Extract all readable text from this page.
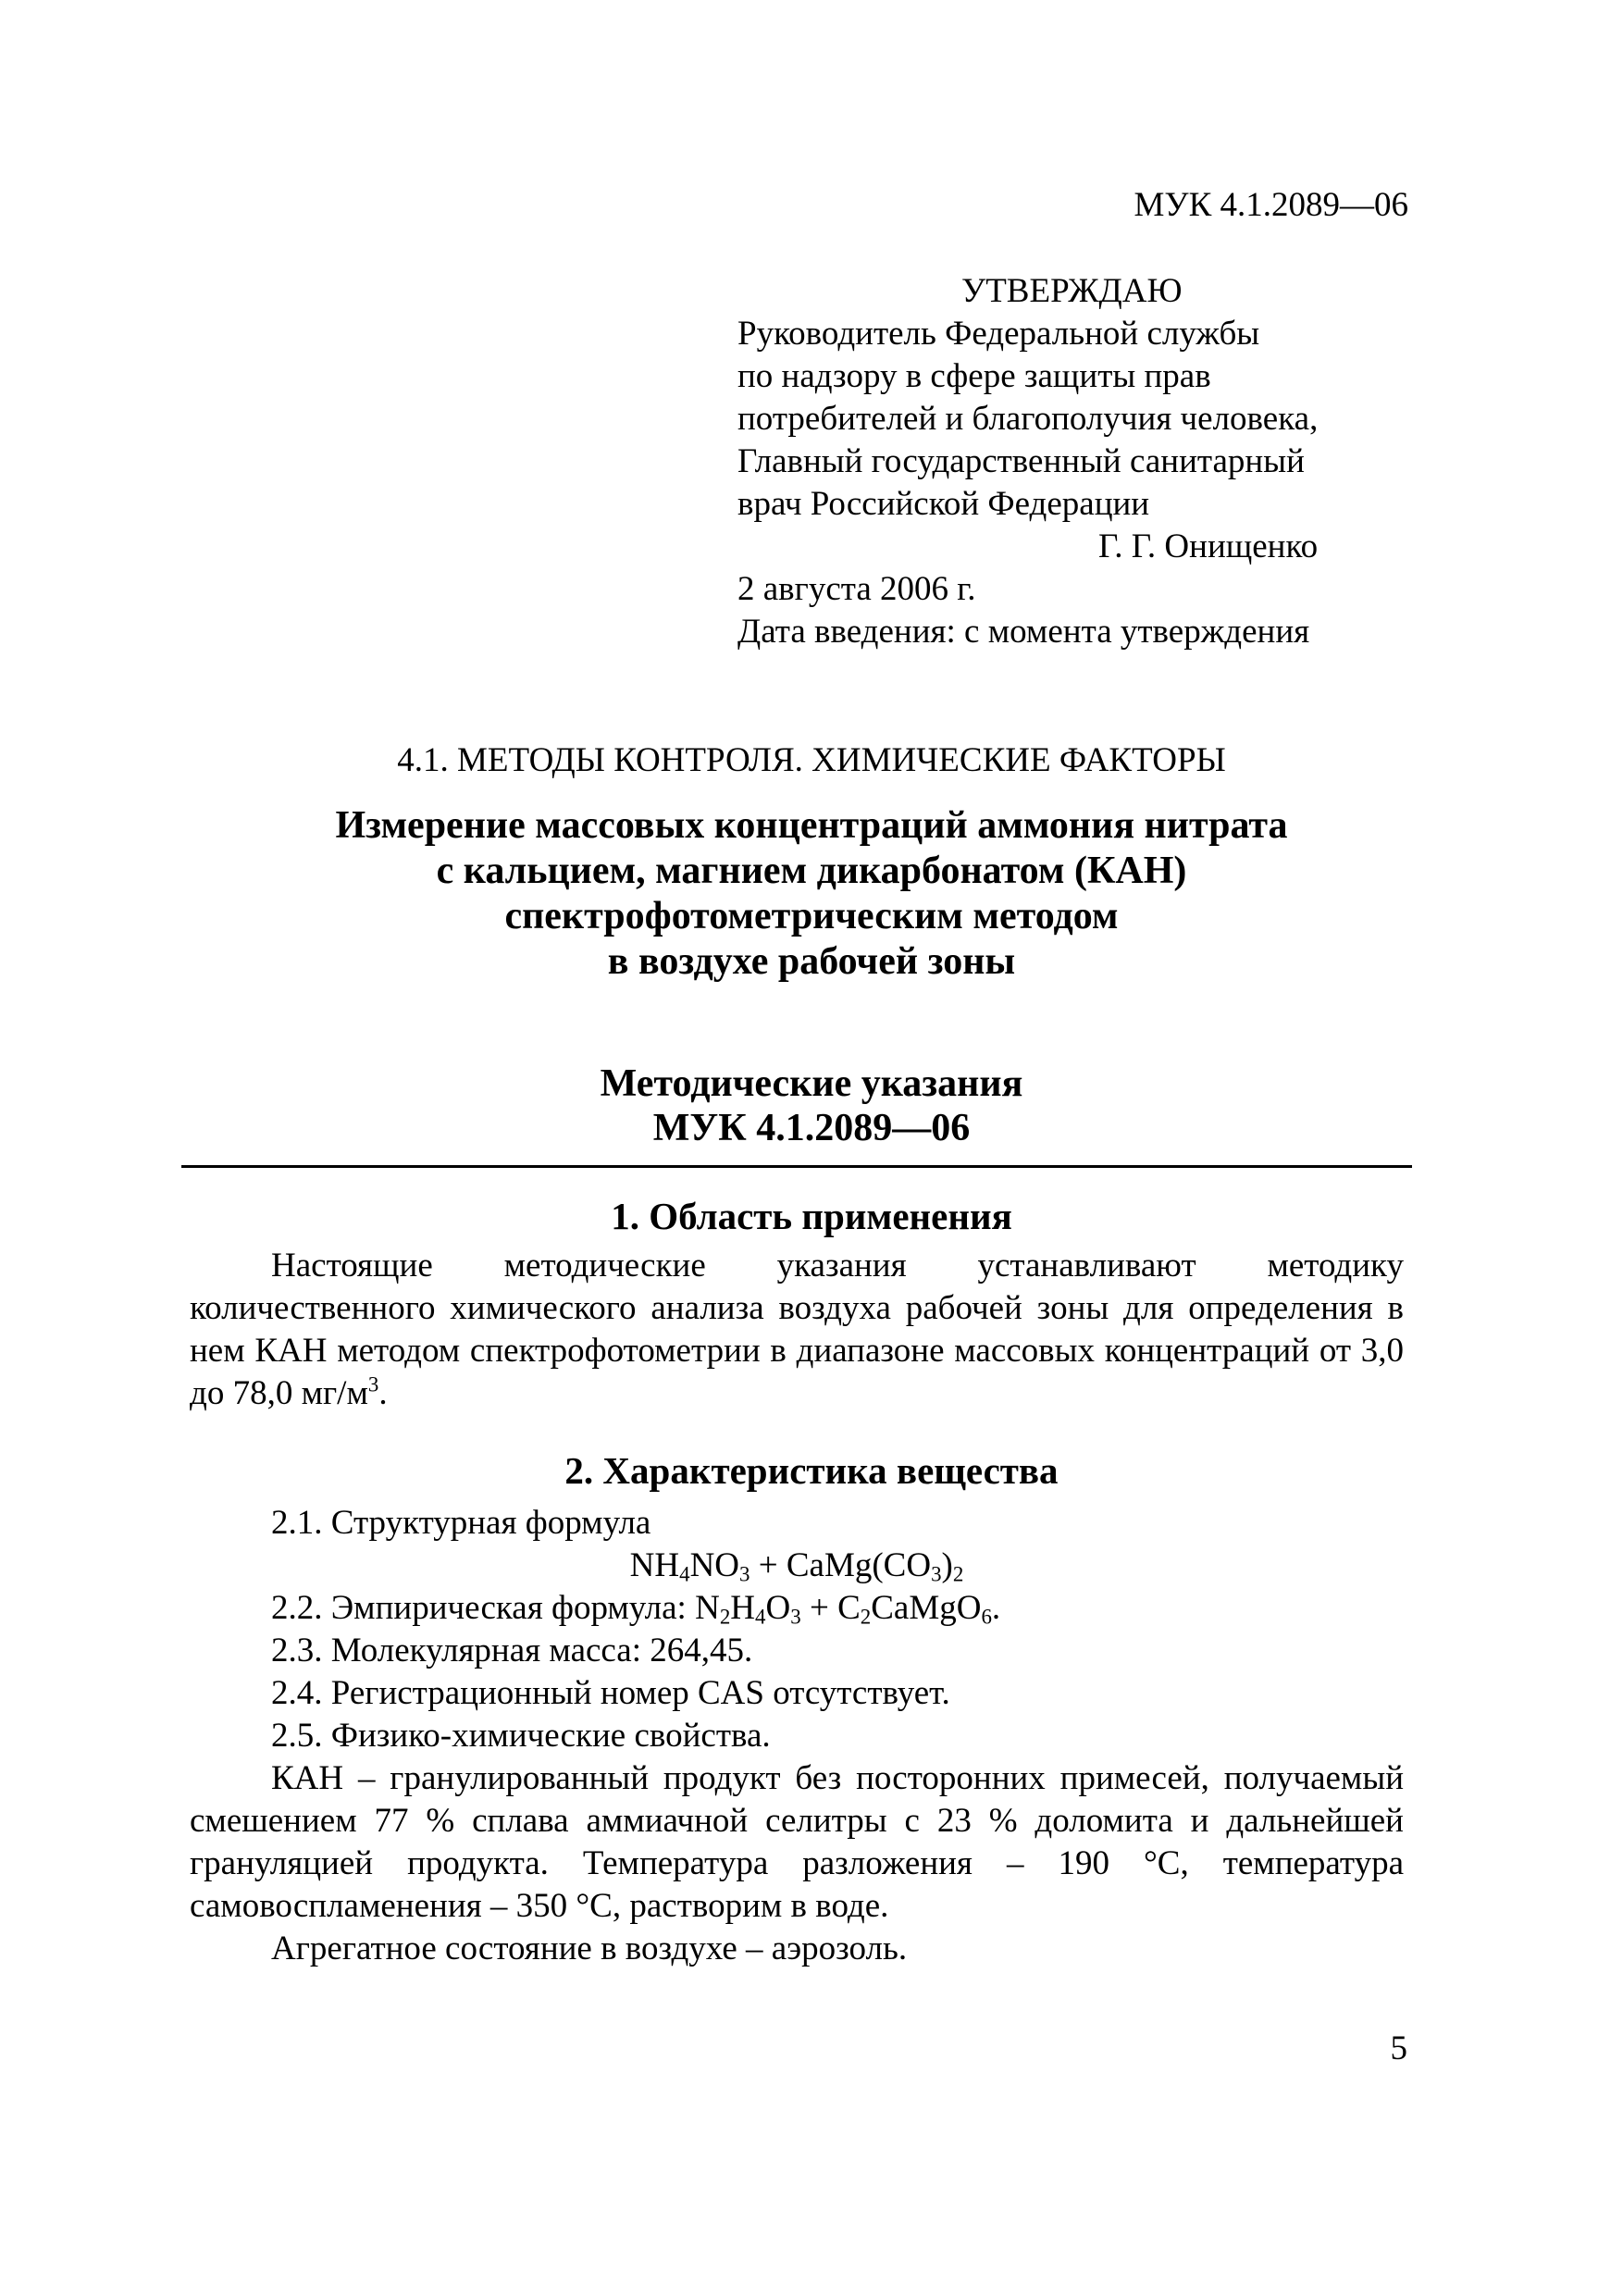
МУК 4.1.2089—06
УТВЕРЖДАЮ
Руководитель Федеральной службы
по надзору в сфере защиты прав
потребителей и благополучия человека,
Главный государственный санитарный
врач Российской Федерации
Г. Г. Онищенко
2 августа 2006 г.
Дата введения: с момента утверждения
4.1. МЕТОДЫ КОНТРОЛЯ. ХИМИЧЕСКИЕ ФАКТОРЫ
Измерение массовых концентраций аммония нитрата
с кальцием, магнием дикарбонатом (КАН)
спектрофотометрическим методом
в воздухе рабочей зоны
Методические указания
МУК 4.1.2089—06
1. Область применения

Настоящие методические указания устанавливают методику количественного химического анализа воздуха рабочей зоны для определения в нем КАН методом спектрофотометрии в диапазоне массовых концентраций от 3,0 до 78,0 $мг/м^3$.

2. Характеристика вещества

2.1. Структурная формула

$NH_4NO_3$ + $CaMg(CO_3)_2$

2.2. Эмпирическая формула: $N_2H_4O_3$ + $C_2CaMgO_6$.

2.3. Молекулярная масса: 264,45.

2.4. Регистрационный номер CAS отсутствует.

2.5. Физико-химические свойства.

КАН – гранулированный продукт без посторонних примесей, получаемый смешением 77 % сплава аммиачной селитры с 23 % доломита и дальнейшей грануляцией продукта. Температура разложения – 190 °С, температура самовоспламенения – 350 °С, растворим в воде.

Агрегатное состояние в воздухе – аэрозоль.

5
